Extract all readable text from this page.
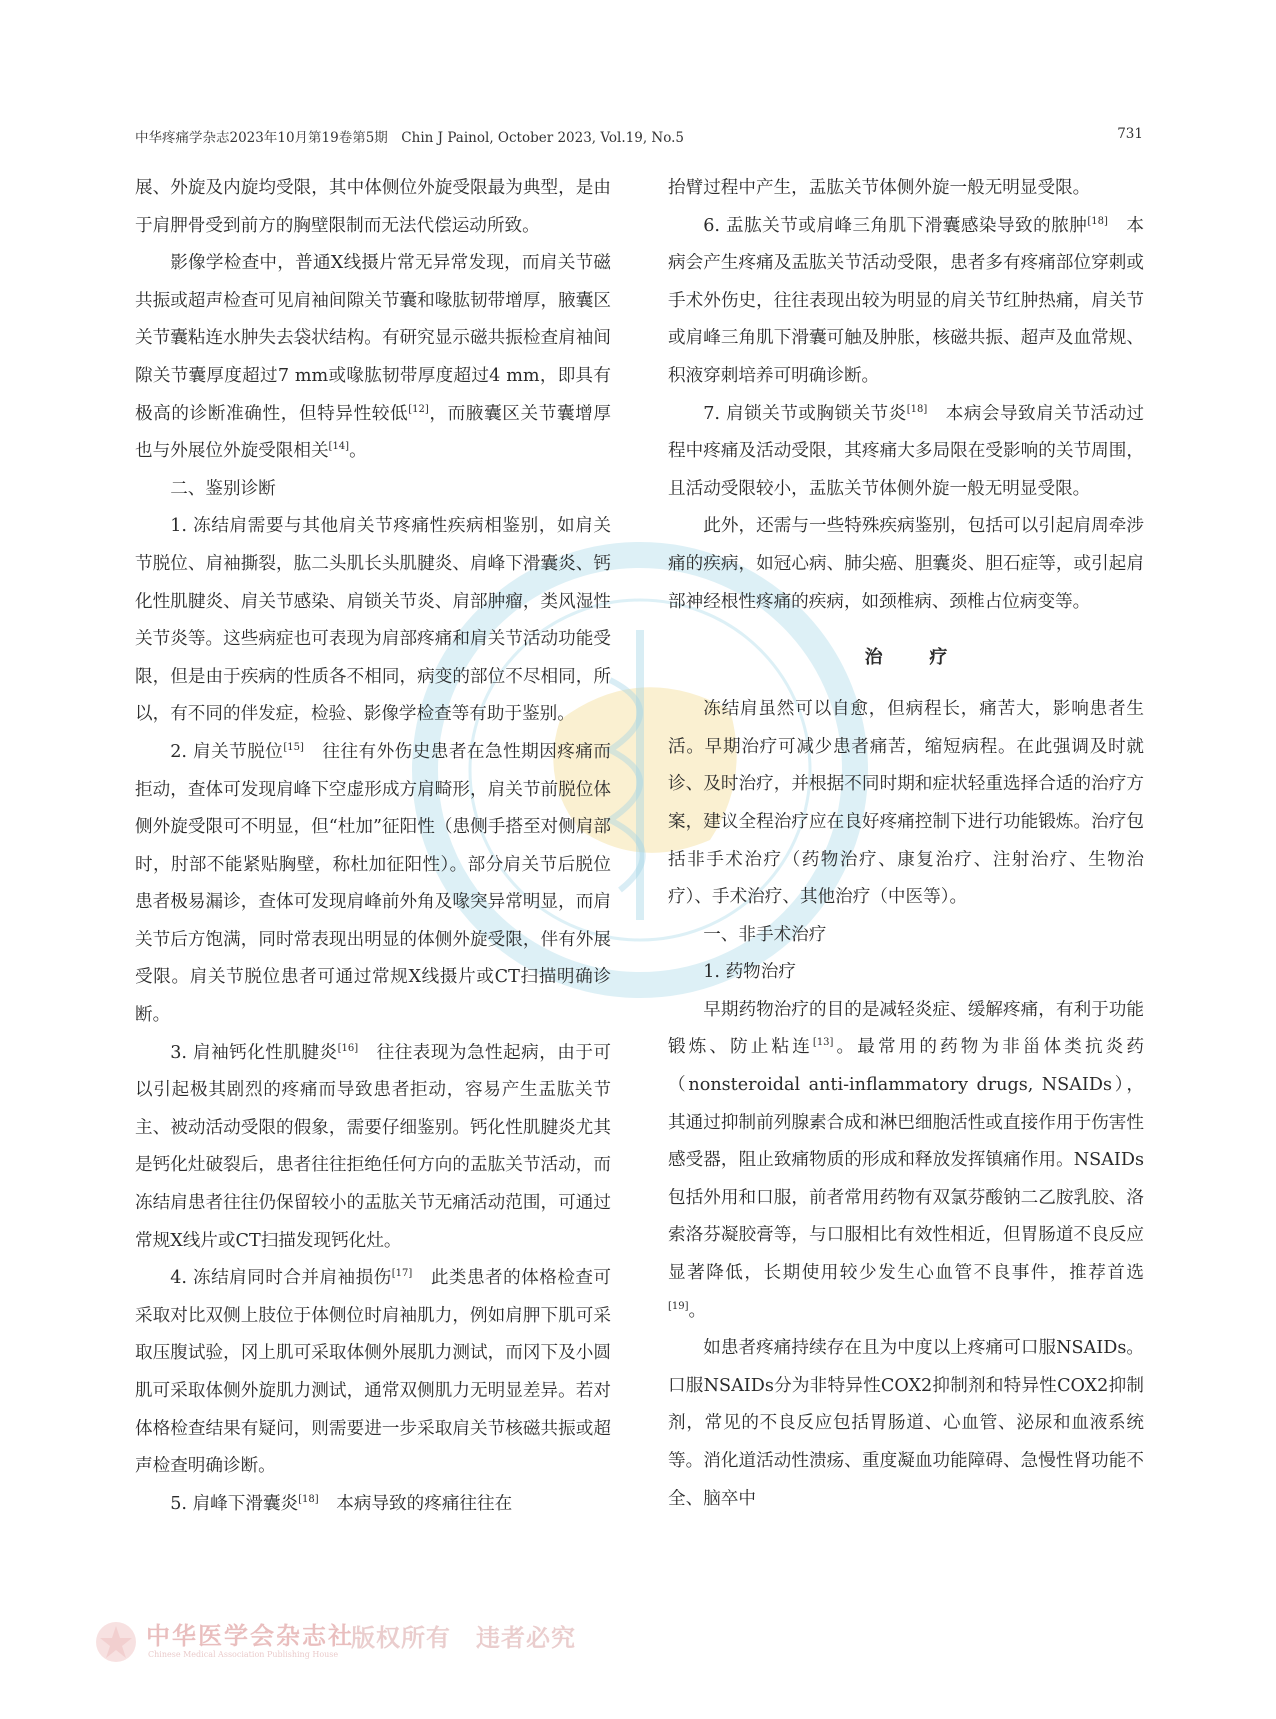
中华疼痛学杂志2023年10月第19卷第5期　Chin J Painol, October 2023, Vol.19, No.5	731

展、外旋及内旋均受限，其中体侧位外旋受限最为典型，是由于肩胛骨受到前方的胸壁限制而无法代偿运动所致。

影像学检查中，普通X线摄片常无异常发现，而肩关节磁共振或超声检查可见肩袖间隙关节囊和喙肱韧带增厚，腋囊区关节囊粘连水肿失去袋状结构。有研究显示磁共振检查肩袖间隙关节囊厚度超过7 mm或喙肱韧带厚度超过4 mm，即具有极高的诊断准确性，但特异性较低[12]，而腋囊区关节囊增厚也与外展位外旋受限相关[14]。

二、鉴别诊断

1. 冻结肩需要与其他肩关节疼痛性疾病相鉴别，如肩关节脱位、肩袖撕裂，肱二头肌长头肌腱炎、肩峰下滑囊炎、钙化性肌腱炎、肩关节感染、肩锁关节炎、肩部肿瘤，类风湿性关节炎等。这些病症也可表现为肩部疼痛和肩关节活动功能受限，但是由于疾病的性质各不相同，病变的部位不尽相同，所以，有不同的伴发症，检验、影像学检查等有助于鉴别。

2. 肩关节脱位[15]　往往有外伤史患者在急性期因疼痛而拒动，查体可发现肩峰下空虚形成方肩畸形，肩关节前脱位体侧外旋受限可不明显，但“杜加”征阳性（患侧手搭至对侧肩部时，肘部不能紧贴胸壁，称杜加征阳性）。部分肩关节后脱位患者极易漏诊，查体可发现肩峰前外角及喙突异常明显，而肩关节后方饱满，同时常表现出明显的体侧外旋受限，伴有外展受限。肩关节脱位患者可通过常规X线摄片或CT扫描明确诊断。

3. 肩袖钙化性肌腱炎[16]　往往表现为急性起病，由于可以引起极其剧烈的疼痛而导致患者拒动，容易产生盂肱关节主、被动活动受限的假象，需要仔细鉴别。钙化性肌腱炎尤其是钙化灶破裂后，患者往往拒绝任何方向的盂肱关节活动，而冻结肩患者往往仍保留较小的盂肱关节无痛活动范围，可通过常规X线片或CT扫描发现钙化灶。

4. 冻结肩同时合并肩袖损伤[17]　此类患者的体格检查可采取对比双侧上肢位于体侧位时肩袖肌力，例如肩胛下肌可采取压腹试验，冈上肌可采取体侧外展肌力测试，而冈下及小圆肌可采取体侧外旋肌力测试，通常双侧肌力无明显差异。若对体格检查结果有疑问，则需要进一步采取肩关节核磁共振或超声检查明确诊断。

5. 肩峰下滑囊炎[18]　本病导致的疼痛往往在

抬臂过程中产生，盂肱关节体侧外旋一般无明显受限。

6. 盂肱关节或肩峰三角肌下滑囊感染导致的脓肿[18]　本病会产生疼痛及盂肱关节活动受限，患者多有疼痛部位穿刺或手术外伤史，往往表现出较为明显的肩关节红肿热痛，肩关节或肩峰三角肌下滑囊可触及肿胀，核磁共振、超声及血常规、积液穿刺培养可明确诊断。

7. 肩锁关节或胸锁关节炎[18]　本病会导致肩关节活动过程中疼痛及活动受限，其疼痛大多局限在受影响的关节周围，且活动受限较小，盂肱关节体侧外旋一般无明显受限。

此外，还需与一些特殊疾病鉴别，包括可以引起肩周牵涉痛的疾病，如冠心病、肺尖癌、胆囊炎、胆石症等，或引起肩部神经根性疼痛的疾病，如颈椎病、颈椎占位病变等。

治疗

冻结肩虽然可以自愈，但病程长，痛苦大，影响患者生活。早期治疗可减少患者痛苦，缩短病程。在此强调及时就诊、及时治疗，并根据不同时期和症状轻重选择合适的治疗方案，建议全程治疗应在良好疼痛控制下进行功能锻炼。治疗包括非手术治疗（药物治疗、康复治疗、注射治疗、生物治疗）、手术治疗、其他治疗（中医等）。

一、非手术治疗

1. 药物治疗

早期药物治疗的目的是减轻炎症、缓解疼痛，有利于功能锻炼、防止粘连[13]。最常用的药物为非甾体类抗炎药（nonsteroidal anti-inflammatory drugs, NSAIDs），其通过抑制前列腺素合成和淋巴细胞活性或直接作用于伤害性感受器，阻止致痛物质的形成和释放发挥镇痛作用。NSAIDs包括外用和口服，前者常用药物有双氯芬酸钠二乙胺乳胶、洛索洛芬凝胶膏等，与口服相比有效性相近，但胃肠道不良反应显著降低，长期使用较少发生心血管不良事件，推荐首选[19]。

如患者疼痛持续存在且为中度以上疼痛可口服NSAIDs。口服NSAIDs分为非特异性COX2抑制剂和特异性COX2抑制剂，常见的不良反应包括胃肠道、心血管、泌尿和血液系统等。消化道活动性溃疡、重度凝血功能障碍、急慢性肾功能不全、脑卒中

中华医学会杂志社
Chinese Medical Association Publishing House
版权所有　违者必究
